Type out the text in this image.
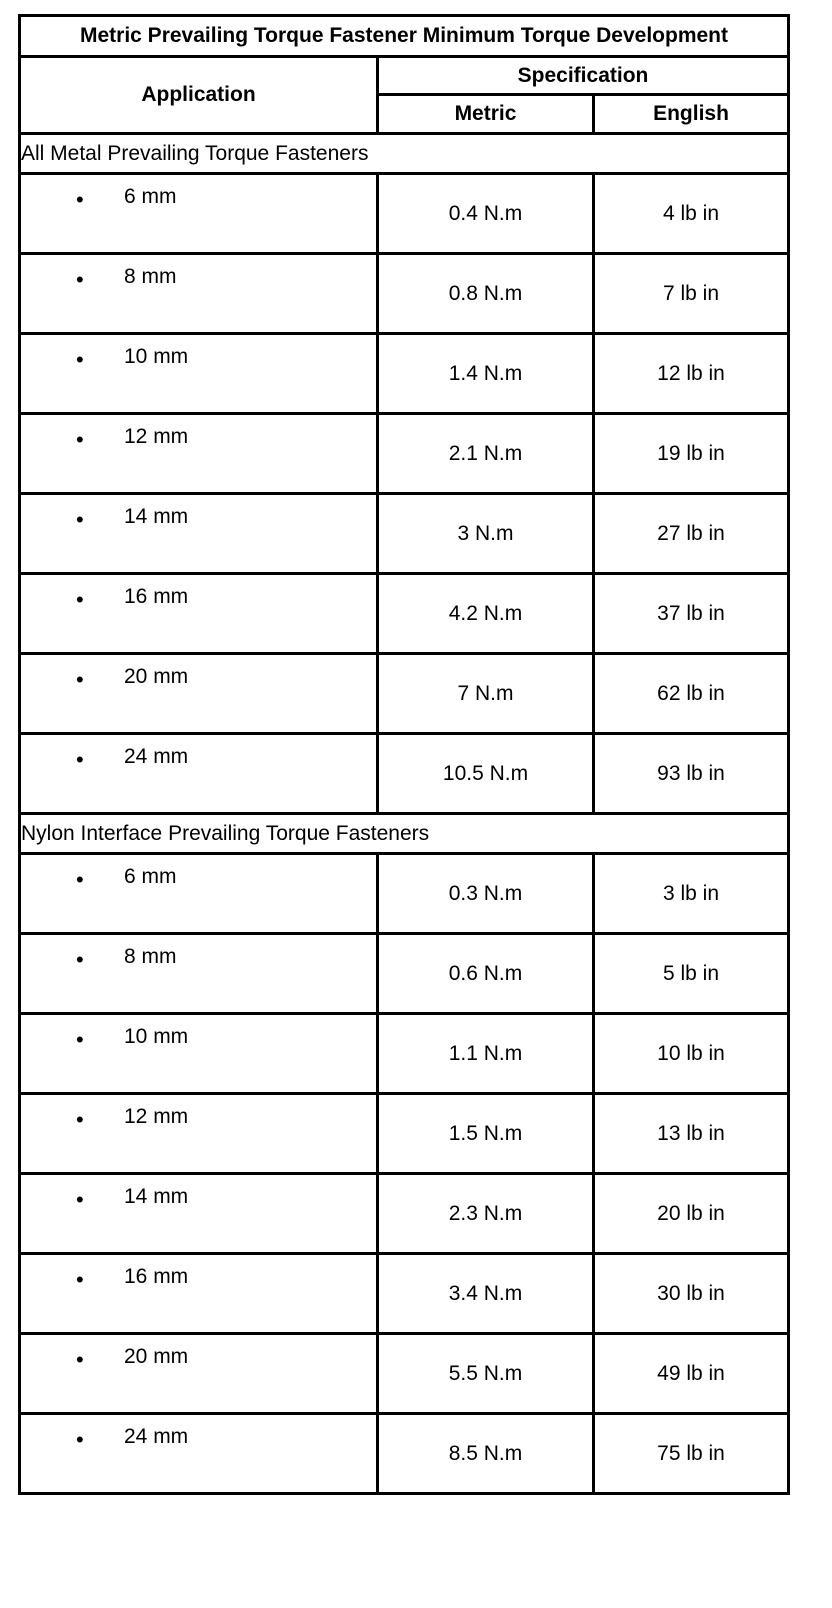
Metric Prevailing Torque Fastener Minimum Torque Development		
Application	Specification	
	Metric	English
All Metal Prevailing Torque Fasteners		

• 6 mm	0.4 N.m	4 lb in

• 8 mm	0.8 N.m	7 lb in

• 10 mm	1.4 N.m	12 lb in

• 12 mm	2.1 N.m	19 lb in

• 14 mm	3 N.m	27 lb in

• 16 mm	4.2 N.m	37 lb in

• 20 mm	7 N.m	62 lb in

• 24 mm	10.5 N.m	93 lb in
Nylon Interface Prevailing Torque Fasteners		

• 6 mm	0.3 N.m	3 lb in

• 8 mm	0.6 N.m	5 lb in

• 10 mm	1.1 N.m	10 lb in

• 12 mm	1.5 N.m	13 lb in

• 14 mm	2.3 N.m	20 lb in

• 16 mm	3.4 N.m	30 lb in

• 20 mm	5.5 N.m	49 lb in

• 24 mm	8.5 N.m	75 lb in
